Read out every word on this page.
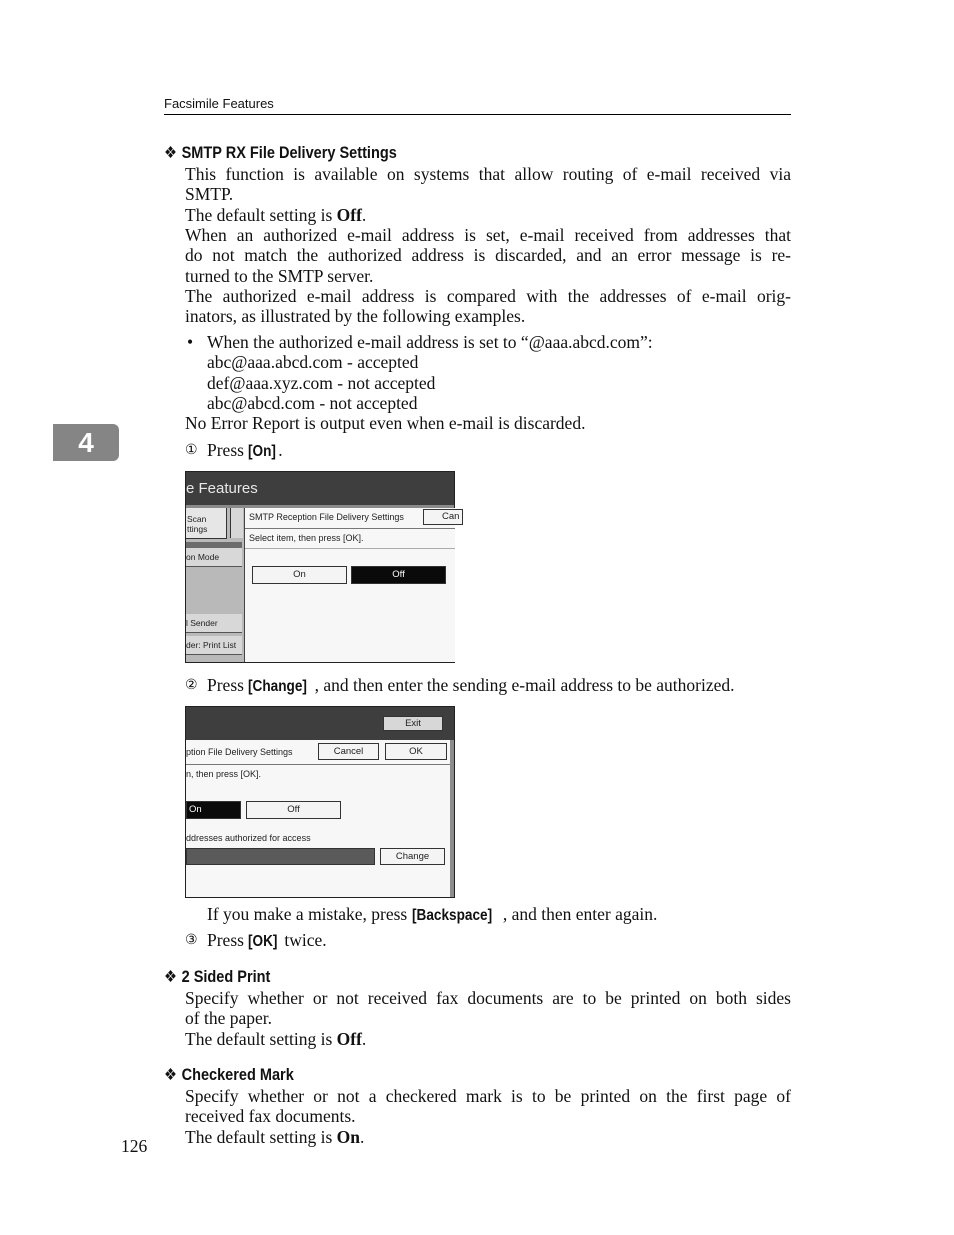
Facsimile Features
4
❖ SMTP RX File Delivery Settings
This function is available on systems that allow routing of e-mail received via
SMTP.
The default setting is Off.
When an authorized e-mail address is set, e-mail received from addresses that
do not match the authorized address is discarded, and an error message is re-
turned to the SMTP server.
The authorized e-mail address is compared with the addresses of e-mail orig-
inators, as illustrated by the following examples.
• When the authorized e-mail address is set to “@aaa.abcd.com”:
abc@aaa.abcd.com - accepted
def@aaa.xyz.com - not accepted
abc@abcd.com - not accepted
No Error Report is output even when e-mail is discarded.
① Press [On] .
e Features
Scan
ttings
on Mode
l Sender
der: Print List
SMTP Reception File Delivery Settings	Can
Select item, then press [OK].
On	Off
② Press [Change] , and then enter the sending e-mail address to be authorized.
Exit
ption File Delivery Settings	Cancel	OK
n, then press [OK].
On	Off
ddresses authorized for access
Change
If you make a mistake, press [Backspace] , and then enter again.
③ Press [OK] twice.
❖ 2 Sided Print
Specify whether or not received fax documents are to be printed on both sides
of the paper.
The default setting is Off.
❖ Checkered Mark
Specify whether or not a checkered mark is to be printed on the first page of
received fax documents.
The default setting is On.
126
